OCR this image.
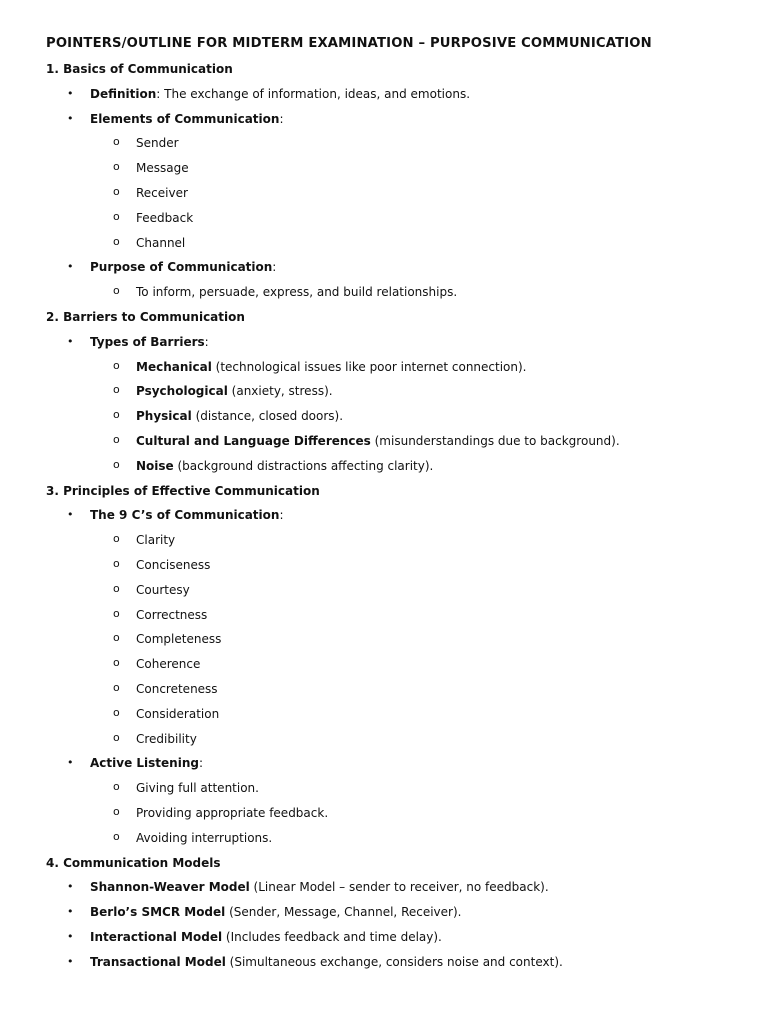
POINTERS/OUTLINE FOR MIDTERM EXAMINATION – PURPOSIVE COMMUNICATION
1. Basics of Communication
• Definition: The exchange of information, ideas, and emotions.
• Elements of Communication:
o Sender
o Message
o Receiver
o Feedback
o Channel
• Purpose of Communication:
o To inform, persuade, express, and build relationships.
2. Barriers to Communication
• Types of Barriers:
o Mechanical (technological issues like poor internet connection).
o Psychological (anxiety, stress).
o Physical (distance, closed doors).
o Cultural and Language Differences (misunderstandings due to background).
o Noise (background distractions affecting clarity).
3. Principles of Effective Communication
• The 9 C’s of Communication:
o Clarity
o Conciseness
o Courtesy
o Correctness
o Completeness
o Coherence
o Concreteness
o Consideration
o Credibility
• Active Listening:
o Giving full attention.
o Providing appropriate feedback.
o Avoiding interruptions.
4. Communication Models
• Shannon-Weaver Model (Linear Model – sender to receiver, no feedback).
• Berlo’s SMCR Model (Sender, Message, Channel, Receiver).
• Interactional Model (Includes feedback and time delay).
• Transactional Model (Simultaneous exchange, considers noise and context).
